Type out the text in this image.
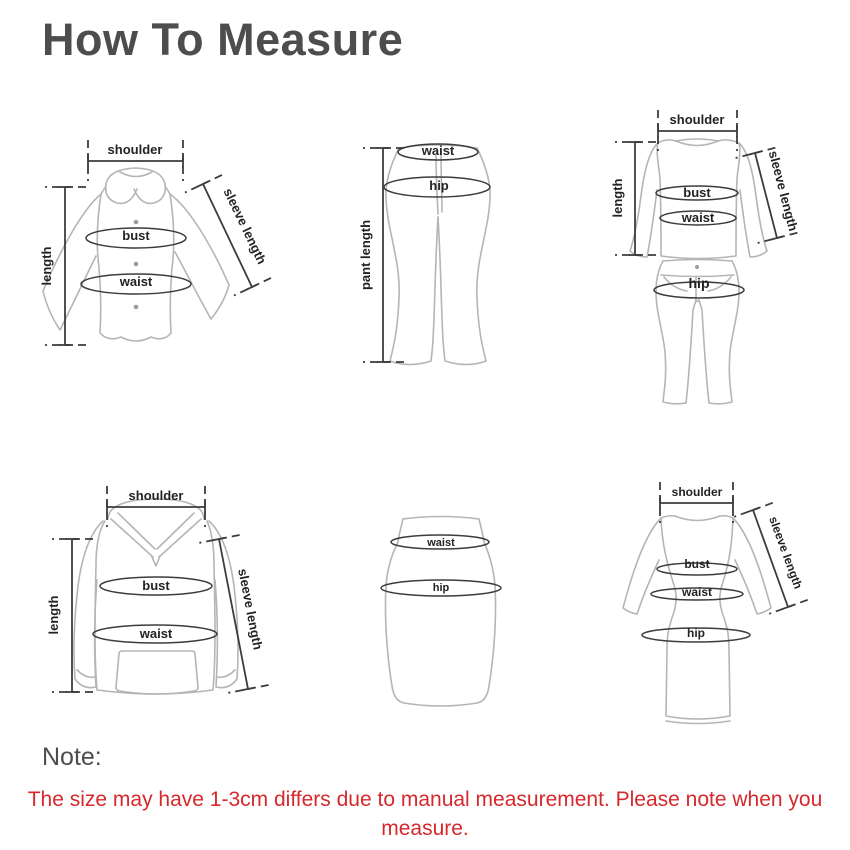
How To Measure
shoulder
length	sleeve length
bust
waist
waist
hip
pant length
shoulder
length	sleeve length
bust
waist
hip
shoulder
length	sleeve length
bust
waist
waist
hip
shoulder
sleeve length
bust
waist
hip
Note:
The size may have 1-3cm differs due to manual measurement. Please note when you measure.
